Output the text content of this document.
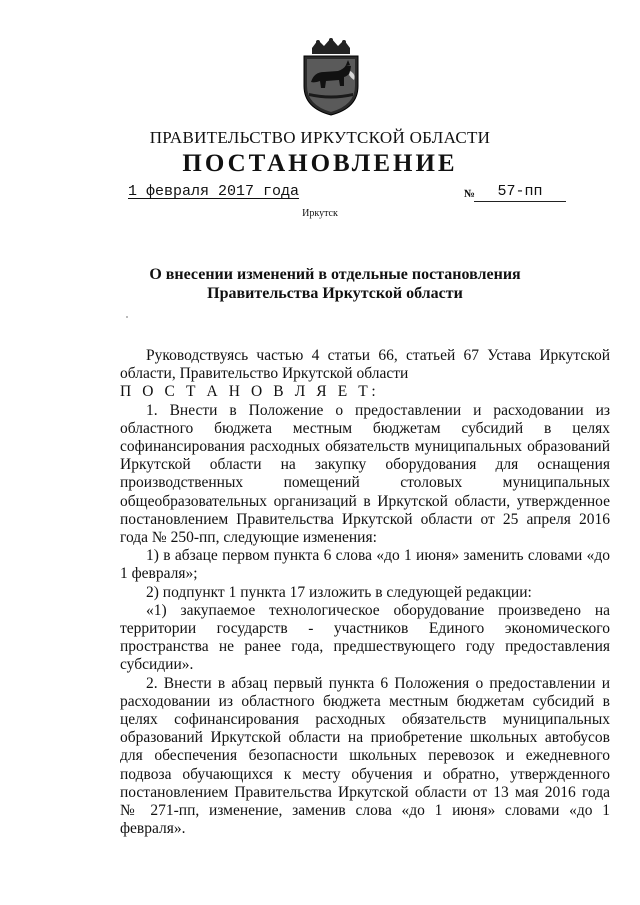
ПРАВИТЕЛЬСТВО ИРКУТСКОЙ ОБЛАСТИ
ПОСТАНОВЛЕНИЕ
1 февраля 2017 года	№	57-пп
Иркутск
О внесении изменений в отдельные постановления Правительства Иркутской области

Руководствуясь частью 4 статьи 66, статьей 67 Устава Иркутской области, Правительство Иркутской области

П О С Т А Н О В Л Я Е Т:

1. Внести в Положение о предоставлении и расходовании из областного бюджета местным бюджетам субсидий в целях софинансирования расходных обязательств муниципальных образований Иркутской области на закупку оборудования для оснащения производственных помещений столовых муниципальных общеобразовательных организаций в Иркутской области, утвержденное постановлением Правительства Иркутской области от 25 апреля 2016 года № 250-пп, следующие изменения:

1) в абзаце первом пункта 6 слова «до 1 июня» заменить словами «до 1 февраля»;

2) подпункт 1 пункта 17 изложить в следующей редакции:

«1) закупаемое технологическое оборудование произведено на территории государств - участников Единого экономического пространства не ранее года, предшествующего году предоставления субсидии».

2. Внести в абзац первый пункта 6 Положения о предоставлении и расходовании из областного бюджета местным бюджетам субсидий в целях софинансирования расходных обязательств муниципальных образований Иркутской области на приобретение школьных автобусов для обеспечения безопасности школьных перевозок и ежедневного подвоза обучающихся к месту обучения и обратно, утвержденного постановлением Правительства Иркутской области от 13 мая 2016 года № 271-пп, изменение, заменив слова «до 1 июня» словами «до 1 февраля».
